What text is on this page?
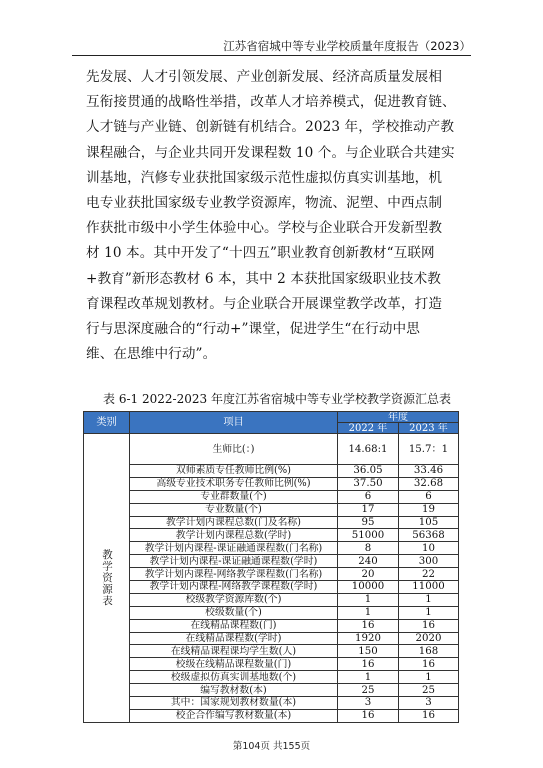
江苏省宿城中等专业学校质量年度报告（2023）

先发展、人才引领发展、产业创新发展、经济高质量发展相

互衔接贯通的战略性举措，改革人才培养模式，促进教育链、

人才链与产业链、创新链有机结合。2023 年，学校推动产教

课程融合，与企业共同开发课程数 10 个。与企业联合共建实

训基地，汽修专业获批国家级示范性虚拟仿真实训基地，机

电专业获批国家级专业教学资源库，物流、泥塑、中西点制

作获批市级中小学生体验中心。学校与企业联合开发新型教

材 10 本。其中开发了“十四五”职业教育创新教材“互联网

+教育”新形态教材 6 本，其中 2 本获批国家级职业技术教

育课程改革规划教材。与企业联合开展课堂教学改革，打造

行与思深度融合的“行动+”课堂，促进学生“在行动中思

维、在思维中行动”。

表 6-1 2022-2023 年度江苏省宿城中等专业学校教学资源汇总表
类别	项目	年度	
		2022 年	2023 年
教学资源表	生师比(：)	14.68:1	15.7：1
	双师素质专任教师比例(%)	36.05	33.46
	高级专业技术职务专任教师比例(%)	37.50	32.68
	专业群数量(个)	6	6
	专业数量(个)	17	19
	教学计划内课程总数(门及名称)	95	105
	教学计划内课程总数(学时)	51000	56368
	教学计划内课程-课证融通课程数(门名称)	8	10
	教学计划内课程-课证融通课程数(学时)	240	300
	教学计划内课程-网络教学课程数(门名称)	20	22
	教学计划内课程-网络教学课程数(学时)	10000	11000
	校级教学资源库数(个)	1	1
	校级数量(个)	1	1
	在线精品课程数(门)	16	16
	在线精品课程数(学时)	1920	2020
	在线精品课程课均学生数(人)	150	168
	校级在线精品课程数量(门)	16	16
	校级虚拟仿真实训基地数(个)	1	1
	编写教材数(本)	25	25
	其中：国家规划教材数量(本)	3	3
	校企合作编写教材数量(本)	16	16
第104页 共155页
